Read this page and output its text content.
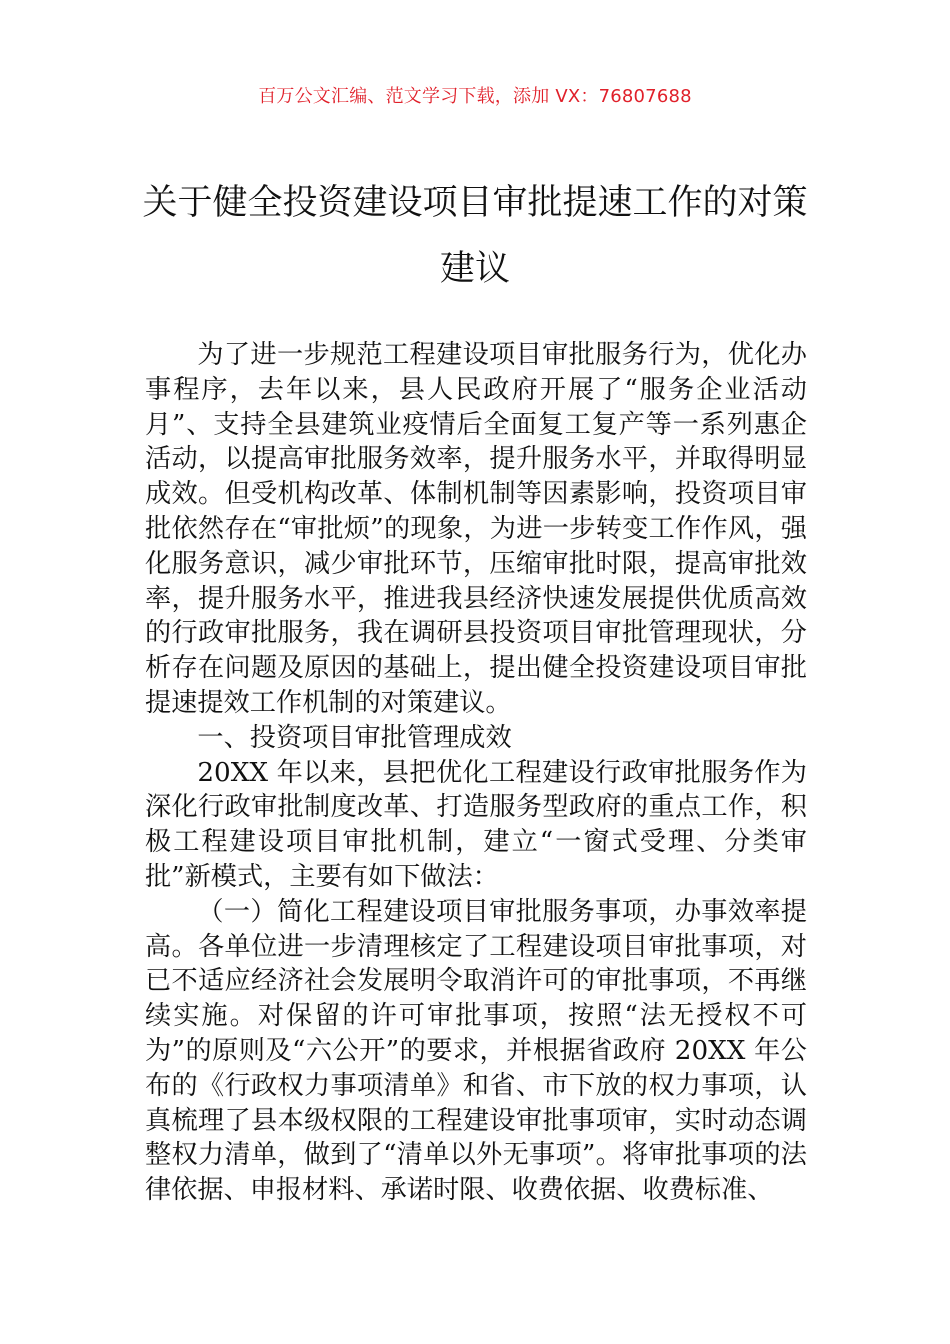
百万公文汇编、范文学习下载，添加 VX：76807688
关于健全投资建设项目审批提速工作的对策建议

为了进一步规范工程建设项目审批服务行为，优化办事程序，去年以来，县人民政府开展了“服务企业活动月”、支持全县建筑业疫情后全面复工复产等一系列惠企活动，以提高审批服务效率，提升服务水平，并取得明显成效。但受机构改革、体制机制等因素影响，投资项目审批依然存在“审批烦”的现象，为进一步转变工作作风，强化服务意识，减少审批环节，压缩审批时限，提高审批效率，提升服务水平，推进我县经济快速发展提供优质高效的行政审批服务，我在调研县投资项目审批管理现状，分析存在问题及原因的基础上，提出健全投资建设项目审批提速提效工作机制的对策建议。

一、投资项目审批管理成效

20XX 年以来，县把优化工程建设行政审批服务作为深化行政审批制度改革、打造服务型政府的重点工作，积极工程建设项目审批机制，建立“一窗式受理、分类审批”新模式，主要有如下做法：

（一）简化工程建设项目审批服务事项，办事效率提高。各单位进一步清理核定了工程建设项目审批事项，对已不适应经济社会发展明令取消许可的审批事项，不再继续实施。对保留的许可审批事项，按照“法无授权不可为”的原则及“六公开”的要求，并根据省政府 20XX 年公布的《行政权力事项清单》和省、市下放的权力事项，认真梳理了县本级权限的工程建设审批事项审，实时动态调整权力清单，做到了“清单以外无事项”。将审批事项的法律依据、申报材料、承诺时限、收费依据、收费标准、
